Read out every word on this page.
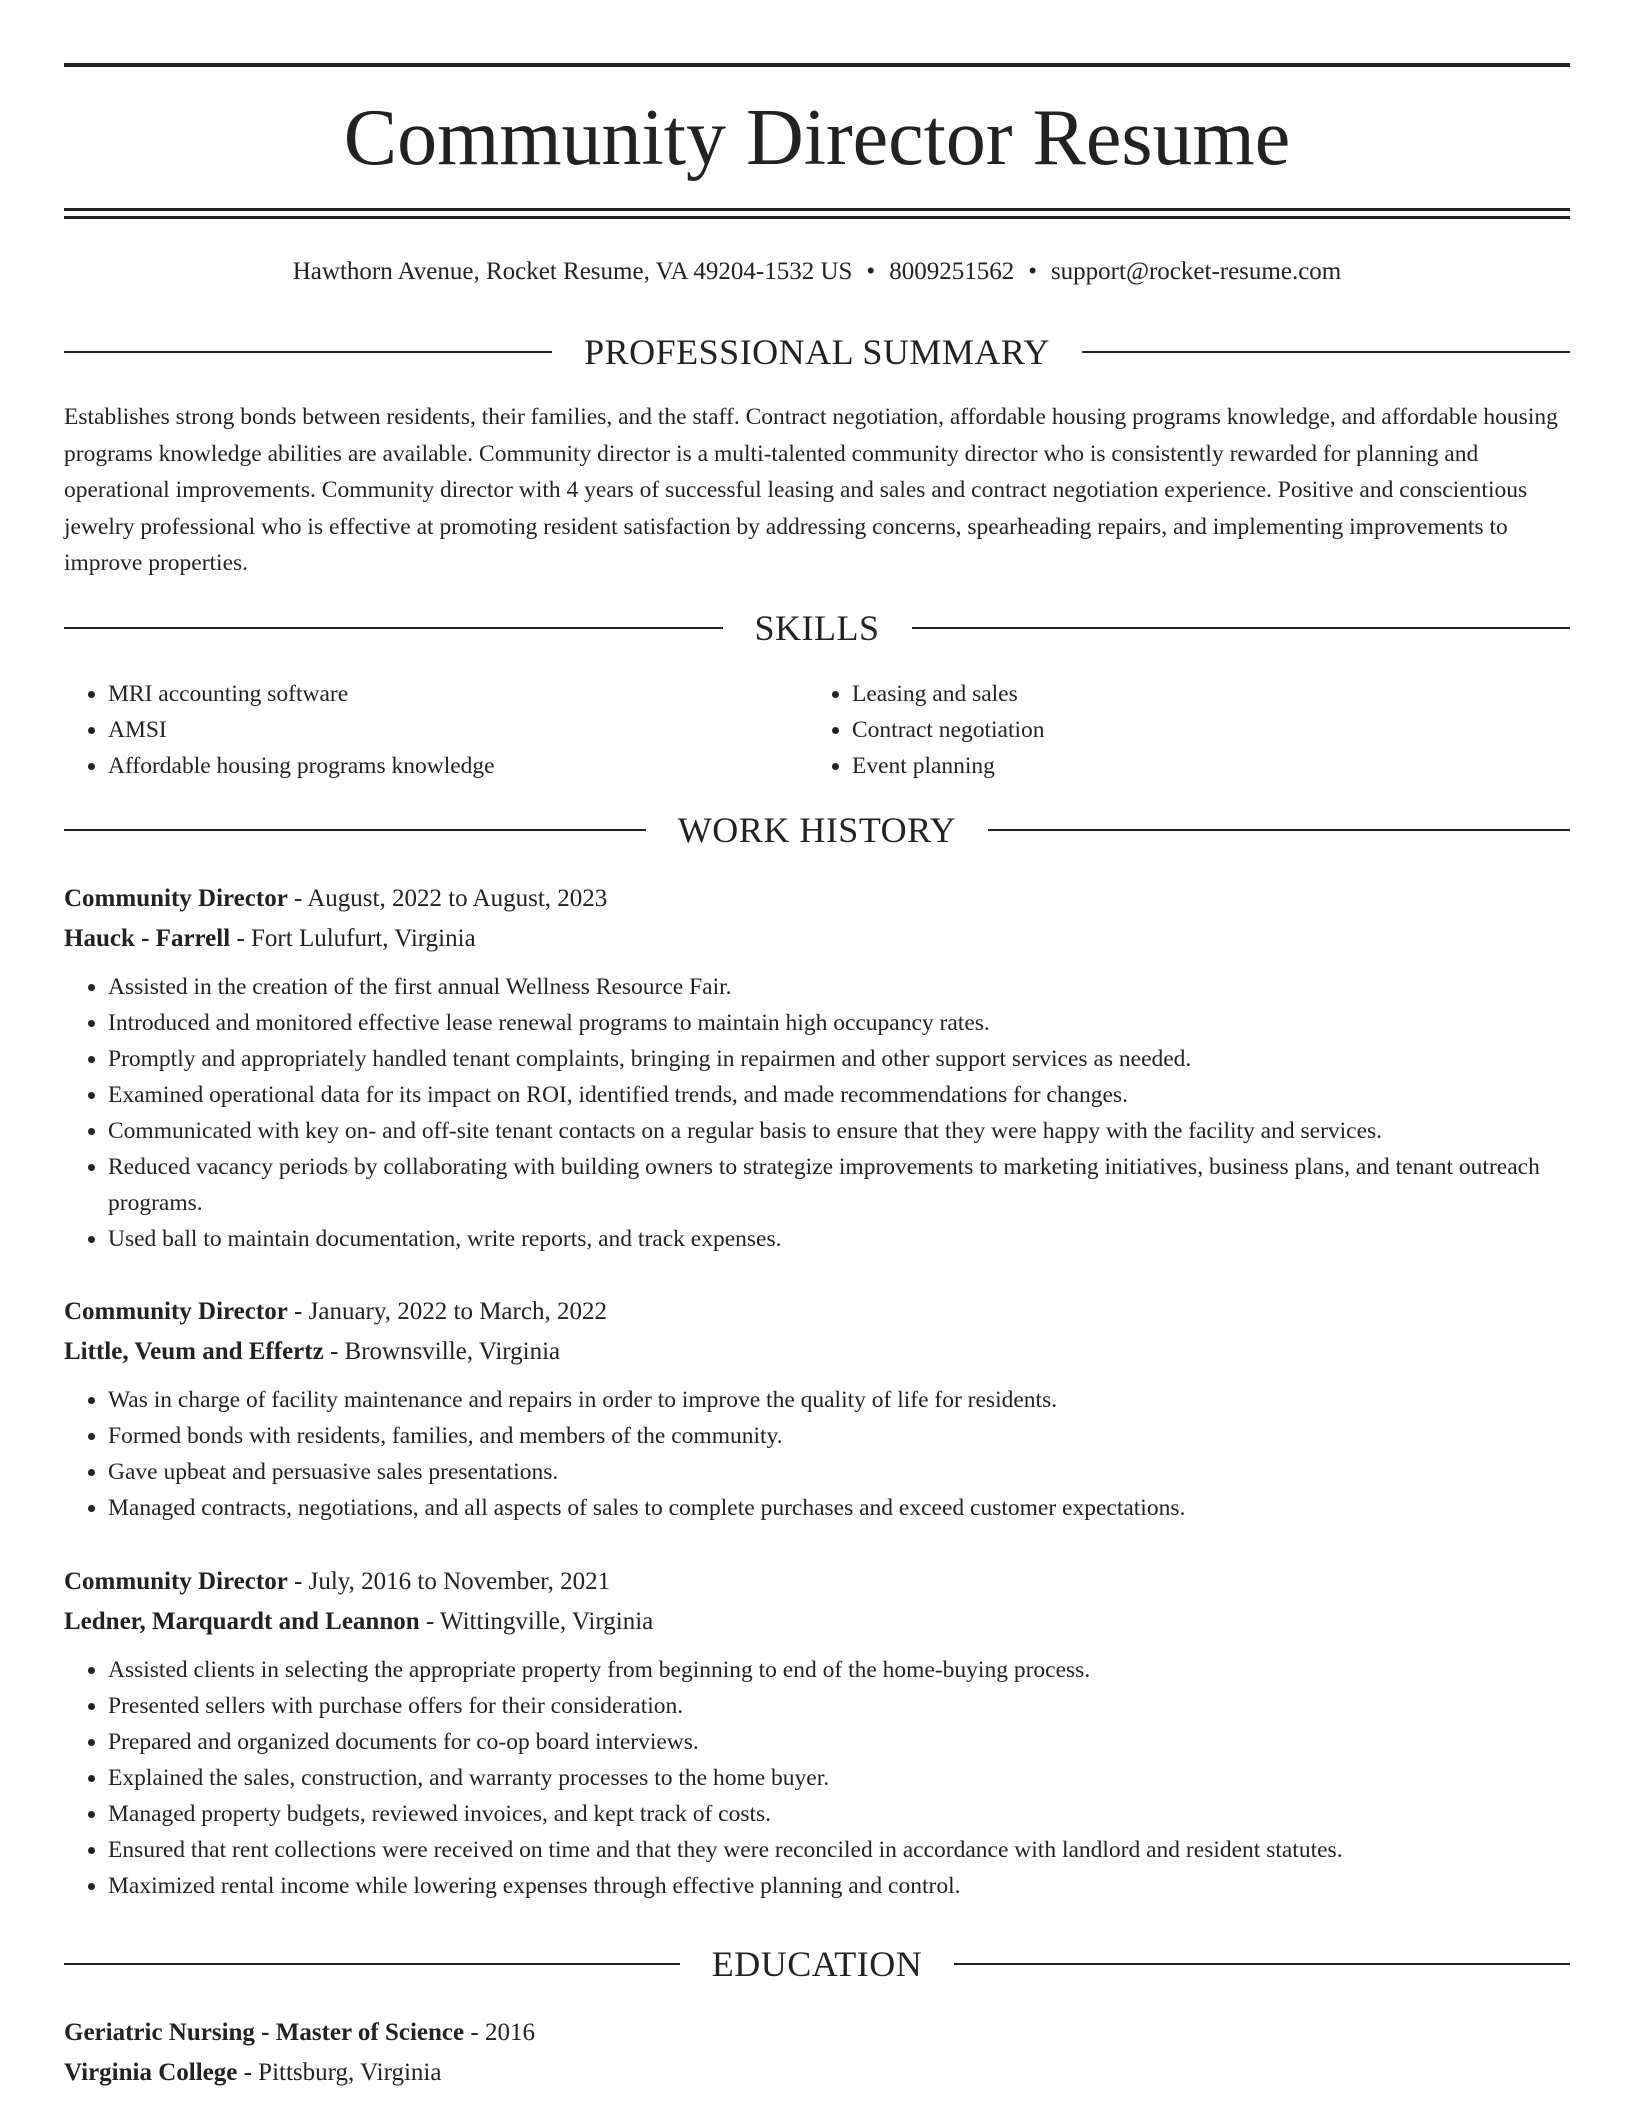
Community Director Resume
Hawthorn Avenue, Rocket Resume, VA 49204-1532 US • 8009251562 • support@rocket-resume.com
PROFESSIONAL SUMMARY

Establishes strong bonds between residents, their families, and the staff. Contract negotiation, affordable housing programs knowledge, and affordable housing programs knowledge abilities are available. Community director is a multi-talented community director who is consistently rewarded for planning and operational improvements. Community director with 4 years of successful leasing and sales and contract negotiation experience. Positive and conscientious jewelry professional who is effective at promoting resident satisfaction by addressing concerns, spearheading repairs, and implementing improvements to improve properties.

SKILLS
• MRI accounting software
• AMSI
• Affordable housing programs knowledge
• Leasing and sales
• Contract negotiation
• Event planning
WORK HISTORY
Community Director - August, 2022 to August, 2023
Hauck - Farrell - Fort Lulufurt, Virginia
• Assisted in the creation of the first annual Wellness Resource Fair.
• Introduced and monitored effective lease renewal programs to maintain high occupancy rates.
• Promptly and appropriately handled tenant complaints, bringing in repairmen and other support services as needed.
• Examined operational data for its impact on ROI, identified trends, and made recommendations for changes.
• Communicated with key on- and off-site tenant contacts on a regular basis to ensure that they were happy with the facility and services.
• Reduced vacancy periods by collaborating with building owners to strategize improvements to marketing initiatives, business plans, and tenant outreach programs.
• Used ball to maintain documentation, write reports, and track expenses.
Community Director - January, 2022 to March, 2022
Little, Veum and Effertz - Brownsville, Virginia
• Was in charge of facility maintenance and repairs in order to improve the quality of life for residents.
• Formed bonds with residents, families, and members of the community.
• Gave upbeat and persuasive sales presentations.
• Managed contracts, negotiations, and all aspects of sales to complete purchases and exceed customer expectations.
Community Director - July, 2016 to November, 2021
Ledner, Marquardt and Leannon - Wittingville, Virginia
• Assisted clients in selecting the appropriate property from beginning to end of the home-buying process.
• Presented sellers with purchase offers for their consideration.
• Prepared and organized documents for co-op board interviews.
• Explained the sales, construction, and warranty processes to the home buyer.
• Managed property budgets, reviewed invoices, and kept track of costs.
• Ensured that rent collections were received on time and that they were reconciled in accordance with landlord and resident statutes.
• Maximized rental income while lowering expenses through effective planning and control.
EDUCATION
Geriatric Nursing - Master of Science - 2016
Virginia College - Pittsburg, Virginia
